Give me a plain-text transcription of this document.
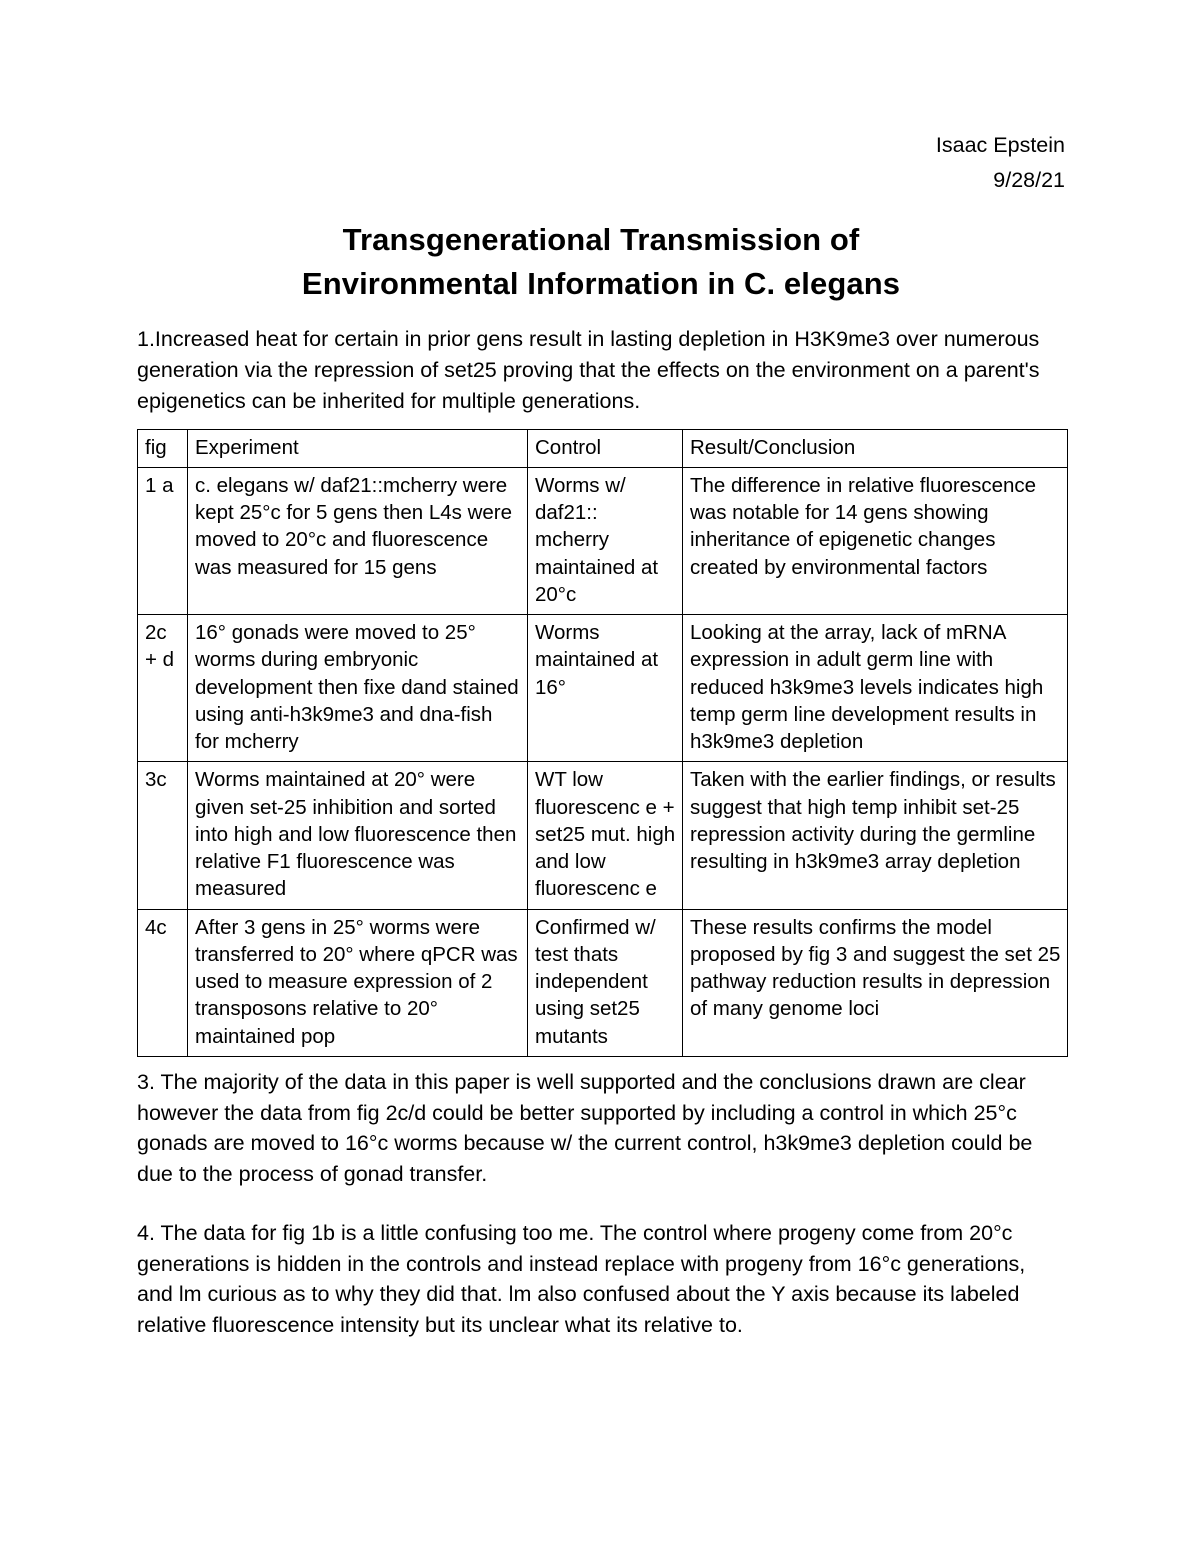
Isaac Epstein
9/28/21
Transgenerational Transmission of
Environmental Information in C. elegans

1.Increased heat for certain in prior gens result in lasting depletion in H3K9me3 over numerous generation via the repression of set25 proving that the effects on the environment on a parent's epigenetics can be inherited for multiple generations.

fig	Experiment	Control	Result/Conclusion
1 a	c. elegans w/ daf21::mcherry were kept 25°c for 5 gens then L4s were moved to 20°c and fluorescence was measured for 15 gens	Worms w/ daf21:: mcherry maintained at 20°c	The difference in relative fluorescence was notable for 14 gens showing inheritance of epigenetic changes created by environmental factors
2c + d	16° gonads were moved to 25° worms during embryonic development then fixe dand stained using anti-h3k9me3 and dna-fish for mcherry	Worms maintained at 16°	Looking at the array, lack of mRNA expression in adult germ line with reduced h3k9me3 levels indicates high temp germ line development results in h3k9me3 depletion
3c	Worms maintained at 20° were given set-25 inhibition and sorted into high and low fluorescence then relative F1 fluorescence was measured	WT low fluorescenc e + set25 mut. high and low fluorescenc e	Taken with the earlier findings, or results suggest that high temp inhibit set-25 repression activity during the germline resulting in h3k9me3 array depletion
4c	After 3 gens in 25° worms were transferred to 20° where qPCR was used to measure expression of 2 transposons relative to 20° maintained pop	Confirmed w/ test thats independent using set25 mutants	These results confirms the model proposed by fig 3 and suggest the set 25 pathway reduction results in depression of many genome loci

3. The majority of the data in this paper is well supported and the conclusions drawn are clear however the data from fig 2c/d could be better supported by including a control in which 25°c gonads are moved to 16°c worms because w/ the current control, h3k9me3 depletion could be due to the process of gonad transfer.

4. The data for fig 1b is a little confusing too me. The control where progeny come from 20°c generations is hidden in the controls and instead replace with progeny from 16°c generations, and lm curious as to why they did that. lm also confused about the Y axis because its labeled relative fluorescence intensity but its unclear what its relative to.
